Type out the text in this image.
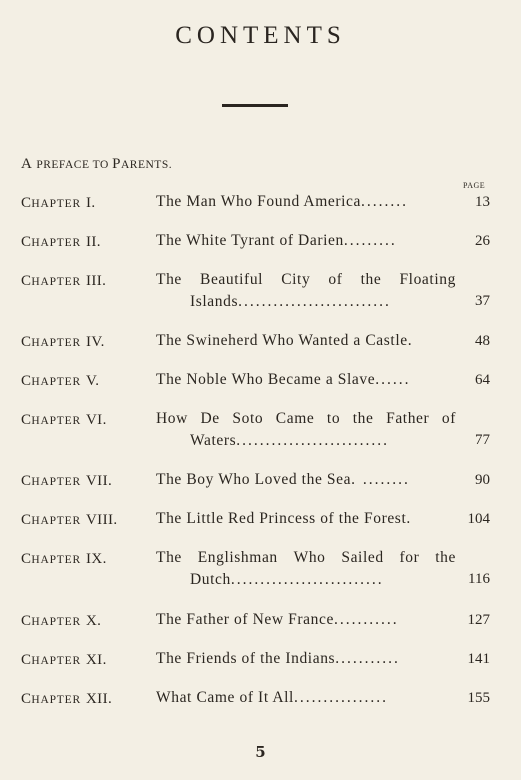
CONTENTS
A PREFACE TO PARENTS.
PAGE
CHAPTER I.	The Man Who Found America........	13
CHAPTER II.	The White Tyrant of Darien.........	26
CHAPTER III.	The Beautiful City of the Floating
Islands..........................	37
CHAPTER IV.	The Swineherd Who Wanted a Castle.	48
CHAPTER V.	The Noble Who Became a Slave......	64
CHAPTER VI.	How De Soto Came to the Father of
Waters..........................	77
CHAPTER VII.	The Boy Who Loved the Sea. ........	90
CHAPTER VIII. The Little Red Princess of the Forest.	104
CHAPTER IX.	The Englishman Who Sailed for the
Dutch..........................	116
CHAPTER X.	The Father of New France...........	127
CHAPTER XI.	The Friends of the Indians...........	141
CHAPTER XII.	What Came of It All................	155
5
